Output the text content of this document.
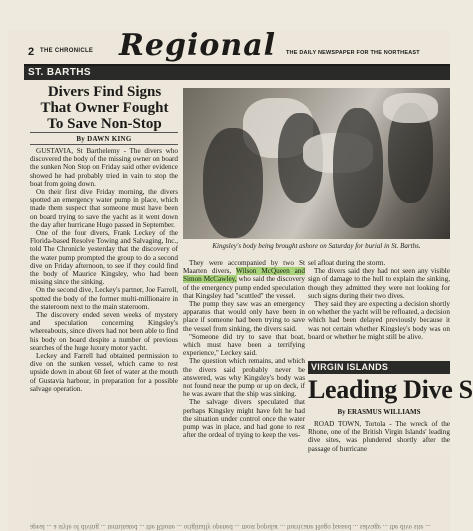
2 THE CHRONICLE Regional THE DAILY NEWSPAPER FOR THE NORTHEAST
ST. BARTHS
Divers Find Signs That Owner Fought To Save Non-Stop
By DAWN KING

GUSTAVIA, St Barthelemy - The divers who discovered the body of the missing owner on board the sunken Non Stop on Friday said other evidence showed he had probably tried in vain to stop the boat from going down.

On their first dive Friday morning, the divers spotted an emergency water pump in place, which made them suspect that someone must have been on board trying to save the yacht as it went down the day after hurricane Hugo passed in September.

One of the four divers, Frank Leckey of the Florida-based Resolve Towing and Salvaging, Inc., told The Chronicle yesterday that the discovery of the water pump prompted the group to do a second dive on Friday afternoon, to see if they could find the body of Maurice Kingsley, who had been missing since the sinking.

On the second dive, Leckey's partner, Joe Farrell, spotted the body of the former multi-millionaire in the stateroom next to the main stateroom.

The discovery ended seven weeks of mystery and speculation concerning Kingsley's whereabouts, since divers had not been able to find his body on board despite a number of previous searches of the huge luxury motor yacht.

Leckey and Farrell had obtained permission to dive on the sunken vessel, which came to rest upside down in about 60 feet of water at the mouth of Gustavia harbour, in preparation for a possible salvage operation.

Kingsley's body being brought ashore on Saturday for burial in St. Barths.

They were accompanied by two St Maarten divers, Wilson McQueen and Simon McCawley, who said the discovery of the emergency pump ended speculation that Kingsley had "scuttled" the vessel.

The pump they saw was an emergency apparatus that would only have been in place if someone had been trying to save the vessel from sinking, the divers said.

"Someone did try to save that boat, which must have been a terrifying experience," Leckey said.

The question which remains, and which the divers said probably never be answered, was why Kingsley's body was not found near the pump or up on deck, if he was aware that the ship was sinking.

The salvage divers speculated that perhaps Kingsley might have felt he had the situation under control once the water pump was in place, and had gone to rest after the ordeal of trying to keep the ves-

sel afloat during the storm.

The divers said they had not seen any visible sign of damage to the hull to explain the sinking, though they admitted they were not looking for such signs during their two dives.

They said they are expecting a decision shortly on whether the yacht will be refloated, a decision which had been delayed previously because it was not certain whether Kingsley's body was on board or whether he might still be alive.

VIRGIN ISLANDS
Leading Dive S
By ERASMUS WILLIAMS

ROAD TOWN, Tortola - The wreck of the Rhone, one of the British Virgin Islands' leading dive sites, was plundered shortly after the passage of hurricane

apeal ... a style of diving ... terminated ... the Rhone ... originally opened ... most popular ... hurricane Hugo passed ... salvage ... the dive site ...
